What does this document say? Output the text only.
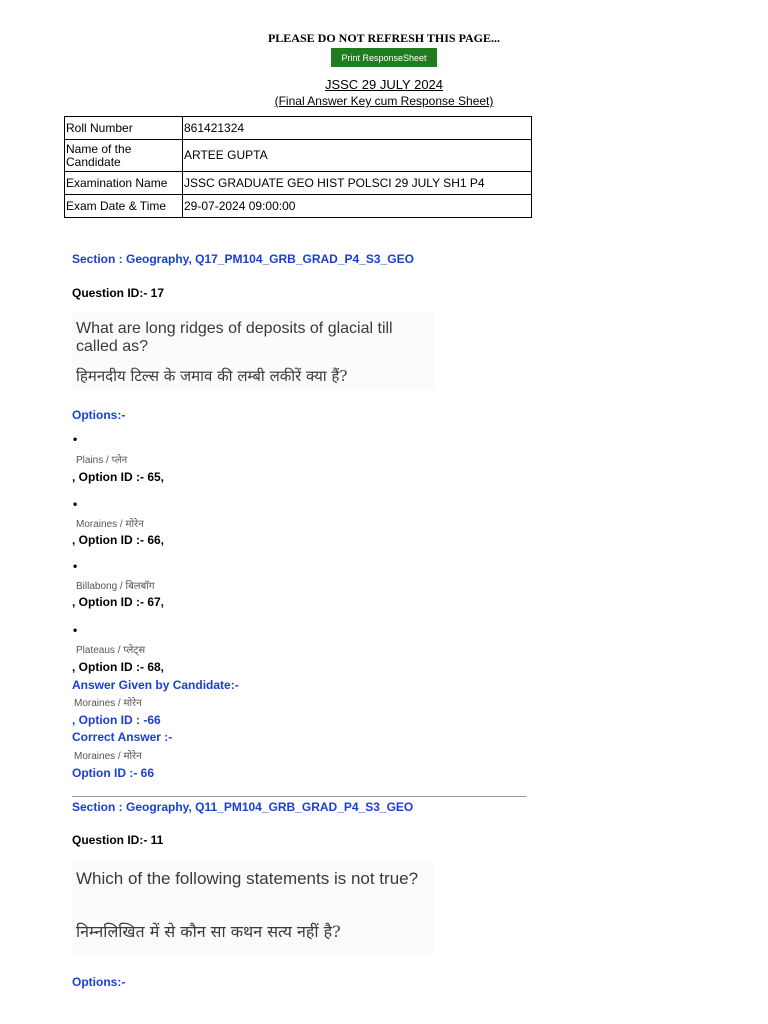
PLEASE DO NOT REFRESH THIS PAGE...
Print ResponseSheet
JSSC 29 JULY 2024
(Final Answer Key cum Response Sheet)
Roll Number	861421324
Name of the Candidate	ARTEE GUPTA
Examination Name	JSSC GRADUATE GEO HIST POLSCI 29 JULY SH1 P4
Exam Date & Time	29-07-2024 09:00:00
Section : Geography, Q17_PM104_GRB_GRAD_P4_S3_GEO
Question ID:- 17
What are long ridges of deposits of glacial till called as?
हिमनदीय टिल्स के जमाव की लम्बी लकीरें क्या हैं?
Options:-
•
Plains / प्लेन
, Option ID :- 65,
•
Moraines / मोरेन
, Option ID :- 66,
•
Billabong / बिलबॉग
, Option ID :- 67,
•
Plateaus / प्लेट्स
, Option ID :- 68,
Answer Given by Candidate:-
Moraines / मोरेन
, Option ID : -66
Correct Answer :-
Moraines / मोरेन
Option ID :- 66
Section : Geography, Q11_PM104_GRB_GRAD_P4_S3_GEO
Question ID:- 11
Which of the following statements is not true?
निम्नलिखित में से कौन सा कथन सत्य नहीं है?
Options:-
